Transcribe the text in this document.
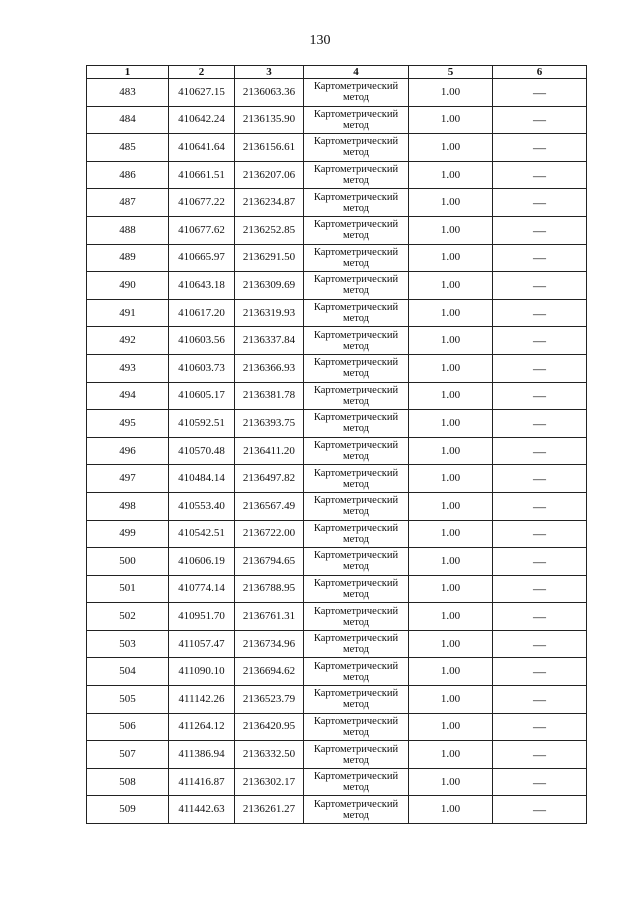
130
1	2	3	4	5	6
483	410627.15	2136063.36	Картометрический метод	1.00	—
484	410642.24	2136135.90	Картометрический метод	1.00	—
485	410641.64	2136156.61	Картометрический метод	1.00	—
486	410661.51	2136207.06	Картометрический метод	1.00	—
487	410677.22	2136234.87	Картометрический метод	1.00	—
488	410677.62	2136252.85	Картометрический метод	1.00	—
489	410665.97	2136291.50	Картометрический метод	1.00	—
490	410643.18	2136309.69	Картометрический метод	1.00	—
491	410617.20	2136319.93	Картометрический метод	1.00	—
492	410603.56	2136337.84	Картометрический метод	1.00	—
493	410603.73	2136366.93	Картометрический метод	1.00	—
494	410605.17	2136381.78	Картометрический метод	1.00	—
495	410592.51	2136393.75	Картометрический метод	1.00	—
496	410570.48	2136411.20	Картометрический метод	1.00	—
497	410484.14	2136497.82	Картометрический метод	1.00	—
498	410553.40	2136567.49	Картометрический метод	1.00	—
499	410542.51	2136722.00	Картометрический метод	1.00	—
500	410606.19	2136794.65	Картометрический метод	1.00	—
501	410774.14	2136788.95	Картометрический метод	1.00	—
502	410951.70	2136761.31	Картометрический метод	1.00	—
503	411057.47	2136734.96	Картометрический метод	1.00	—
504	411090.10	2136694.62	Картометрический метод	1.00	—
505	411142.26	2136523.79	Картометрический метод	1.00	—
506	411264.12	2136420.95	Картометрический метод	1.00	—
507	411386.94	2136332.50	Картометрический метод	1.00	—
508	411416.87	2136302.17	Картометрический метод	1.00	—
509	411442.63	2136261.27	Картометрический метод	1.00	—
